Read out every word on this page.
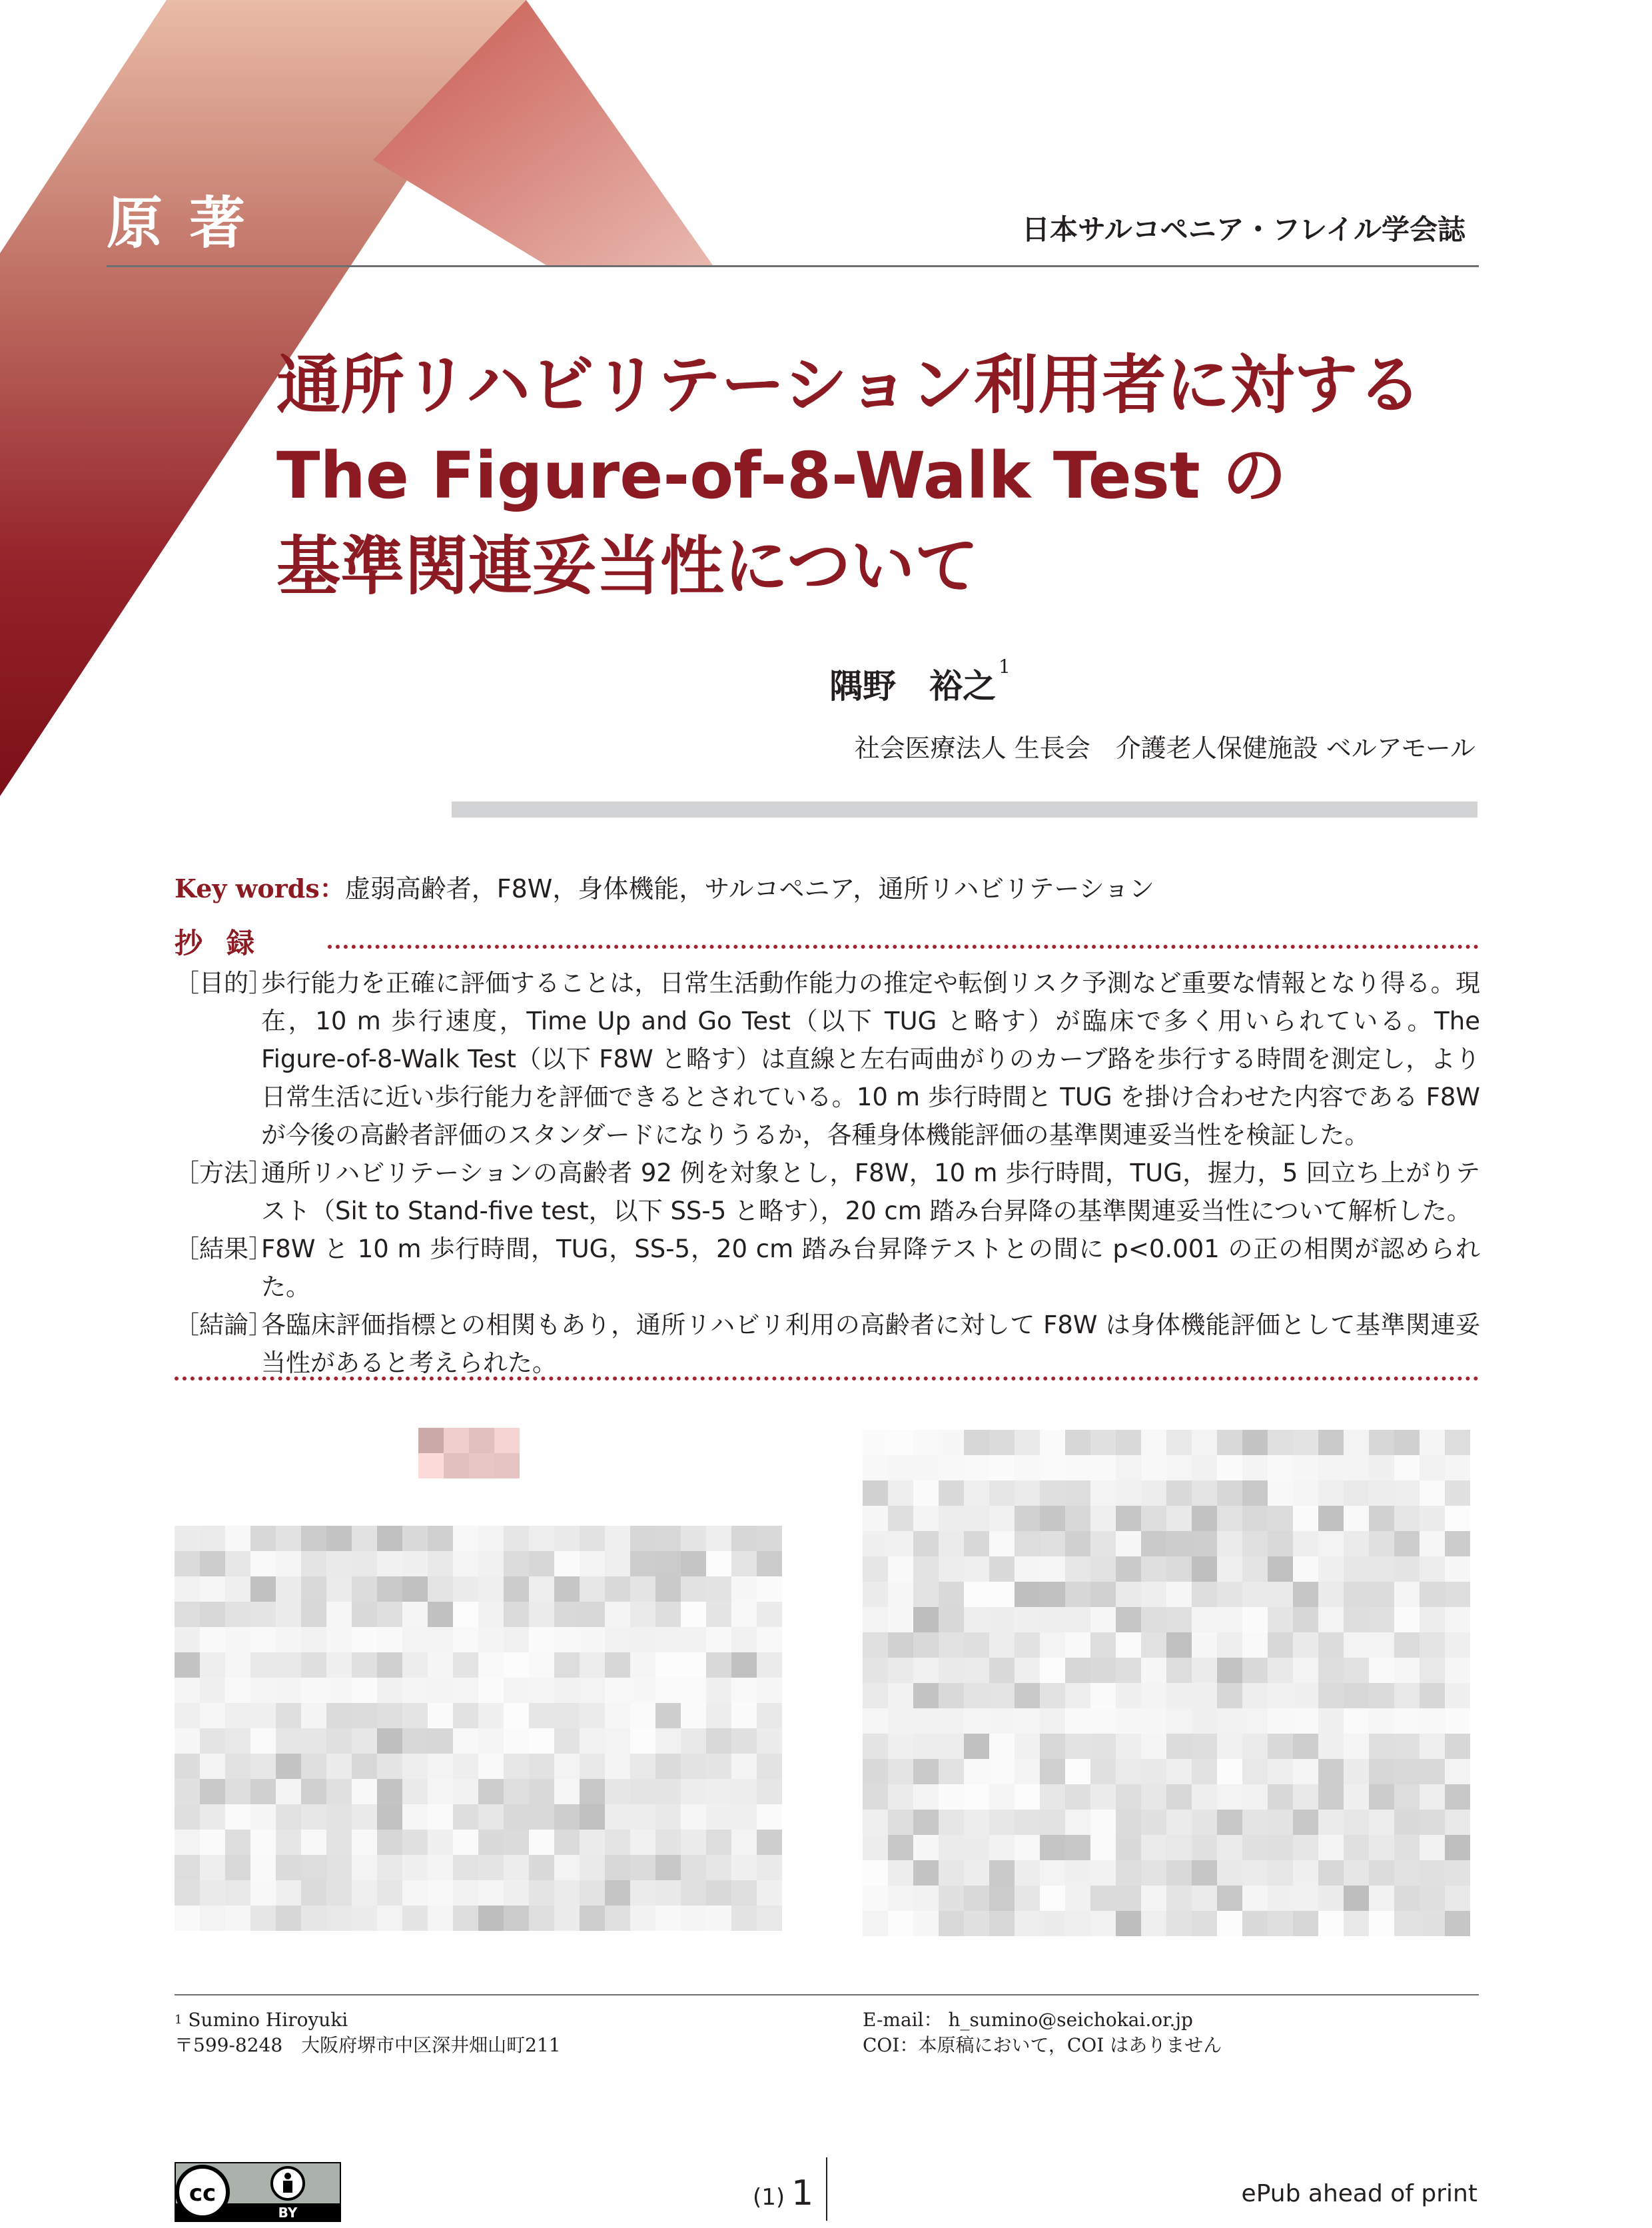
原著	日本サルコペニア・フレイル学会誌
通所リハビリテーション利用者に対する
The Figure-of-8-Walk Test の
基準関連妥当性について
隅野　裕之 $^1$
社会医療法人 生長会　介護老人保健施設 ベルアモール
Key words：虚弱高齢者，F8W，身体機能，サルコペニア，通所リハビリテーション
抄録
［目的］
歩行能力を正確に評価することは，日常生活動作能力の推定や転倒リスク予測など重要な情報となり得る。現在，10 m 歩行速度，Time Up and Go Test（以下 TUG と略す）が臨床で多く用いられている。The Figure-of-8-Walk Test（以下 F8W と略す）は直線と左右両曲がりのカーブ路を歩行する時間を測定し，より日常生活に近い歩行能力を評価できるとされている。10 m 歩行時間と TUG を掛け合わせた内容である F8W が今後の高齢者評価のスタンダードになりうるか，各種身体機能評価の基準関連妥当性を検証した。
［方法］
通所リハビリテーションの高齢者 92 例を対象とし，F8W，10 m 歩行時間，TUG，握力，5 回立ち上がりテスト（Sit to Stand-five test，以下 SS-5 と略す），20 cm 踏み台昇降の基準関連妥当性について解析した。
［結果］
F8W と 10 m 歩行時間，TUG，SS-5，20 cm 踏み台昇降テストとの間に p<0.001 の正の相関が認められた。
［結論］
各臨床評価指標との相関もあり，通所リハビリ利用の高齢者に対して F8W は身体機能評価として基準関連妥当性があると考えられた。
$^1$ Sumino Hiroyuki
〒599-8248　大阪府堺市中区深井畑山町211
E-mail： h_sumino@seichokai.or.jp
COI：本原稿において，COI はありません
BY
cc	(1) 1	ePub ahead of print
